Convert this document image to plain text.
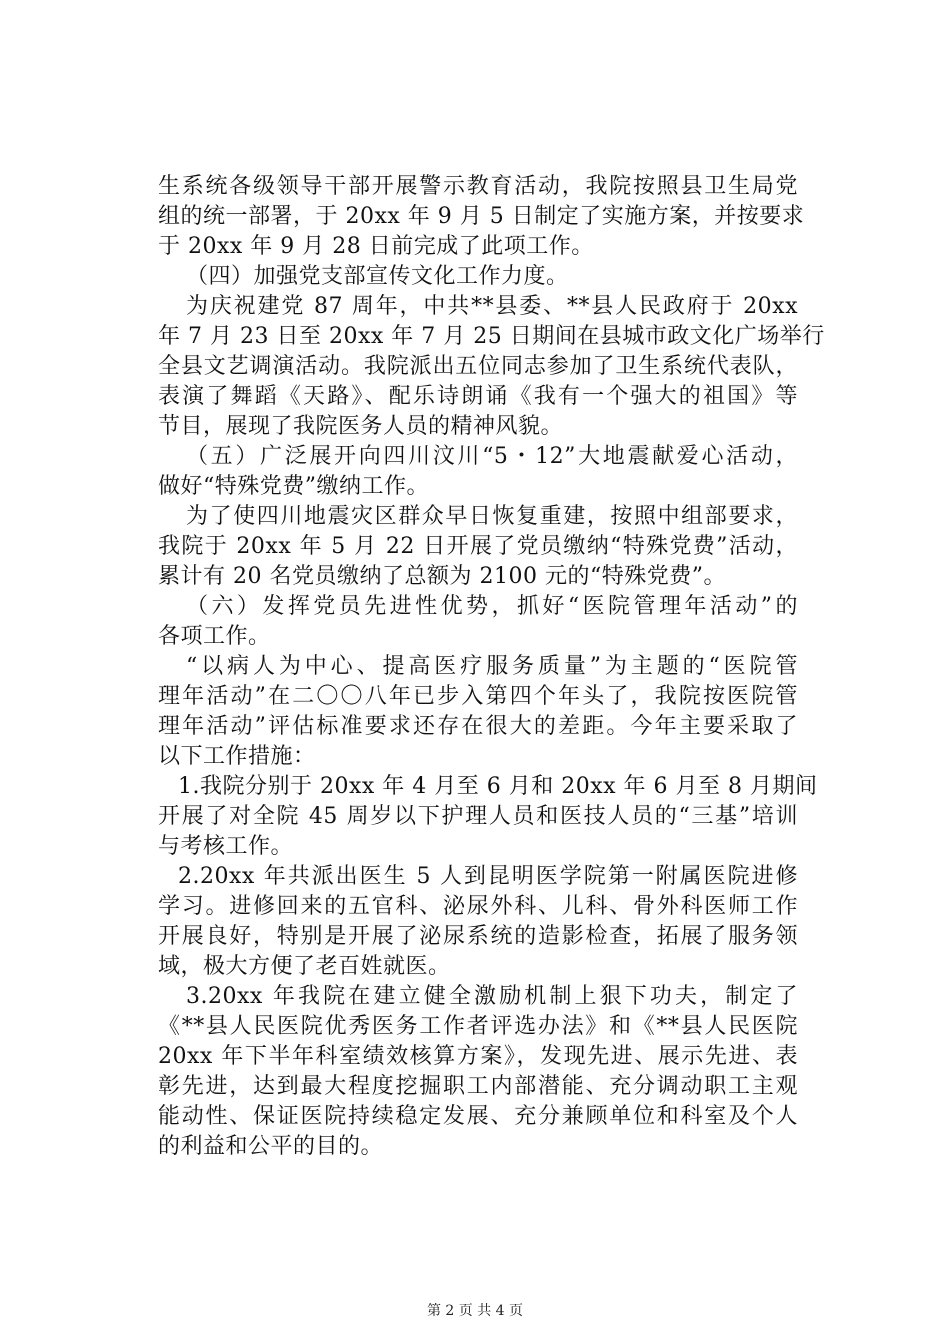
生系统各级领导干部开展警示教育活动，我院按照县卫生局党
组的统一部署，于 20xx 年 9 月 5 日制定了实施方案，并按要求
于 20xx 年 9 月 28 日前完成了此项工作。
（四）加强党支部宣传文化工作力度。
为庆祝建党 87 周年，中共**县委、**县人民政府于 20xx
年 7 月 23 日至 20xx 年 7 月 25 日期间在县城市政文化广场举行
全县文艺调演活动。我院派出五位同志参加了卫生系统代表队，
表演了舞蹈《天路》、配乐诗朗诵《我有一个强大的祖国》等
节目，展现了我院医务人员的精神风貌。
（五）广泛展开向四川汶川“5・12”大地震献爱心活动，
做好“特殊党费”缴纳工作。
为了使四川地震灾区群众早日恢复重建，按照中组部要求，
我院于 20xx 年 5 月 22 日开展了党员缴纳“特殊党费”活动，
累计有 20 名党员缴纳了总额为 2100 元的“特殊党费”。
（六）发挥党员先进性优势，抓好“医院管理年活动”的
各项工作。
“以病人为中心、提高医疗服务质量”为主题的“医院管
理年活动”在二〇〇八年已步入第四个年头了，我院按医院管
理年活动”评估标准要求还存在很大的差距。今年主要采取了
以下工作措施：
1.我院分别于 20xx 年 4 月至 6 月和 20xx 年 6 月至 8 月期间
开展了对全院 45 周岁以下护理人员和医技人员的“三基”培训
与考核工作。
2.20xx 年共派出医生 5 人到昆明医学院第一附属医院进修
学习。进修回来的五官科、泌尿外科、儿科、骨外科医师工作
开展良好，特别是开展了泌尿系统的造影检查，拓展了服务领
域，极大方便了老百姓就医。
3.20xx 年我院在建立健全激励机制上狠下功夫，制定了
《**县人民医院优秀医务工作者评选办法》和《**县人民医院
20xx 年下半年科室绩效核算方案》，发现先进、展示先进、表
彰先进，达到最大程度挖掘职工内部潜能、充分调动职工主观
能动性、保证医院持续稳定发展、充分兼顾单位和科室及个人
的利益和公平的目的。
第 2 页 共 4 页
